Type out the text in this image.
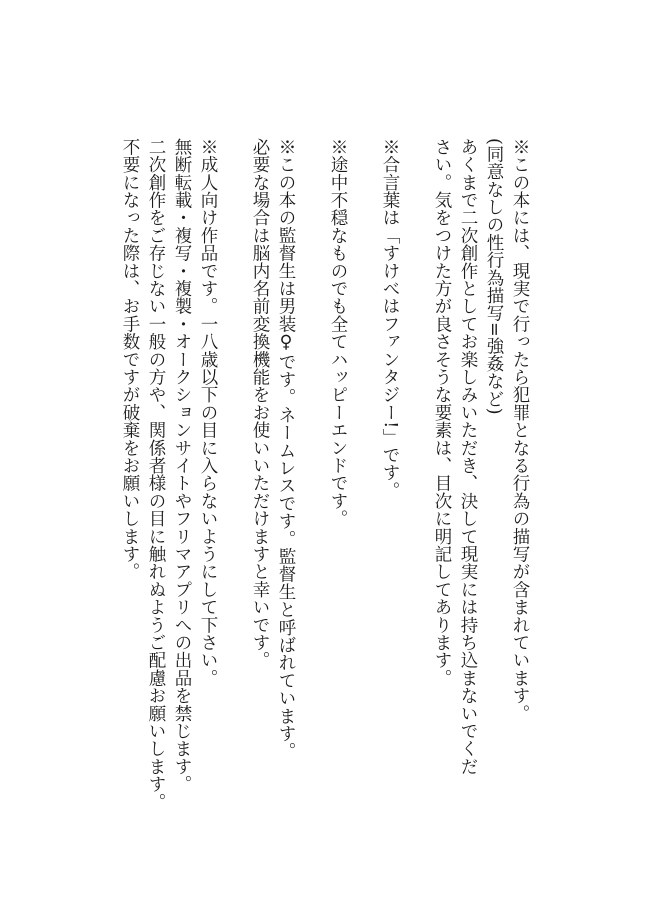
※この本には、現実で行ったら犯罪となる行為の描写が含まれています。
(同意なしの性行為描写=強姦など)
あくまで二次創作としてお楽しみいただき、決して現実には持ち込まないでくだ
さい。気をつけた方が良さそうな要素は、目次に明記してあります。
※合言葉は「すけべはファンタジー!」です。
※途中不穏なものでも全てハッピーエンドです。
※この本の監督生は男装♀です。ネームレスです。監督生と呼ばれています。
必要な場合は脳内名前変換機能をお使いいただけますと幸いです。
※成人向け作品です。一八歳以下の目に入らないようにして下さい。
無断転載・複写・複製・オークションサイトやフリマアプリへの出品を禁じます。
二次創作をご存じない一般の方や、関係者様の目に触れぬようご配慮お願いします。
不要になった際は、お手数ですが破棄をお願いします。
